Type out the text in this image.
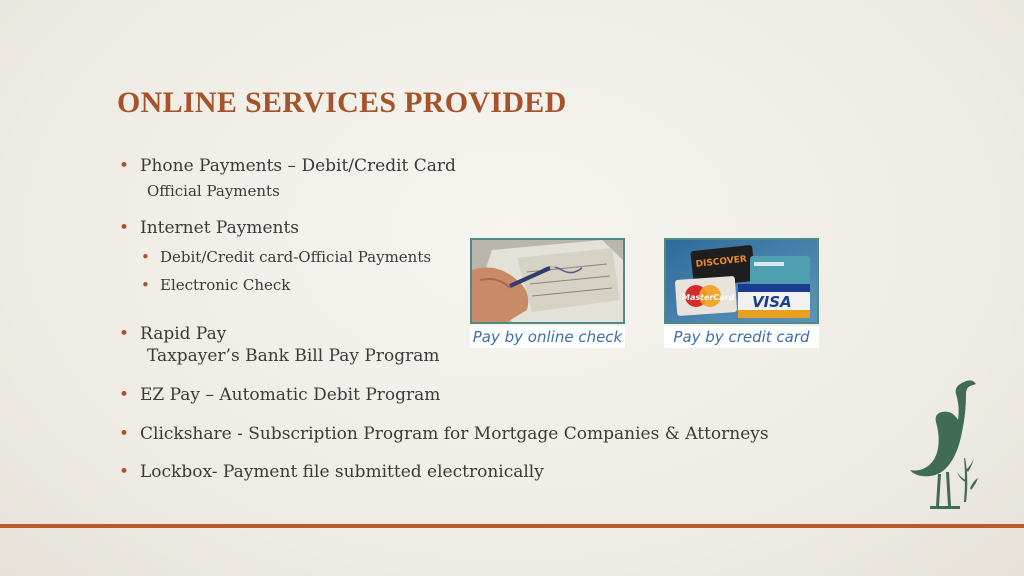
ONLINE SERVICES PROVIDED
• Phone Payments – Debit/Credit Card
Official Payments
• Internet Payments
• Debit/Credit card-Official Payments
• Electronic Check
• Rapid Pay
Taxpayer’s Bank Bill Pay Program
• EZ Pay – Automatic Debit Program
• Clickshare - Subscription Program for Mortgage Companies & Attorneys
• Lockbox- Payment file submitted electronically
Pay by online check
DISCOVER
MasterCard VISA
Pay by credit card
